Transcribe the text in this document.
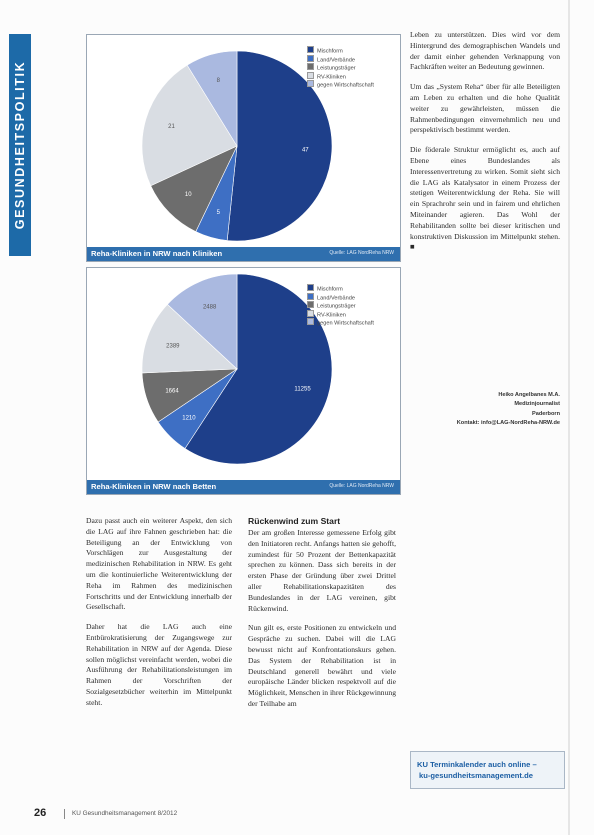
GESUNDHEITSPOLITIK	47
5
10
21
8
Mischform
Land/Verbände
Leistungsträger
RV-Kliniken
gegen Wirtschaftschaft
Reha-Kliniken in NRW nach Kliniken	Quelle: LAG NordReha NRW
11255
1210
1664
2389
2488
Mischform
Land/Verbände
Leistungsträger
RV-Kliniken
gegen Wirtschaftschaft
Reha-Kliniken in NRW nach Betten	Quelle: LAG NordReha NRW

Leben zu unterstützen. Dies wird vor dem Hintergrund des demographischen Wandels und der damit einher gehenden Verknappung von Fachkräften weiter an Bedeutung gewinnen.

Um das „System Reha“ über für alle Beteiligten am Leben zu erhalten und die hohe Qualität weiter zu gewährleisten, müssen die Rahmenbedingungen einvernehmlich neu und perspektivisch bestimmt werden.

Die föderale Struktur ermöglicht es, auch auf Ebene eines Bundeslandes als Interessenvertretung zu wirken. Somit sieht sich die LAG als Katalysator in einem Prozess der stetigen Weiterentwicklung der Reha. Sie will ein Sprachrohr sein und in fairem und ehrlichen Miteinander agieren. Das Wohl der Rehabilitanden sollte bei dieser kritischen und konstruktiven Diskussion im Mittelpunkt stehen. ■

Heiko Angelbanes M.A.
Medizinjournalist
Paderborn
Kontakt: info@LAG-NordReha-NRW.de

Dazu passt auch ein weiterer Aspekt, den sich die LAG auf ihre Fahnen geschrieben hat: die Beteiligung an der Entwicklung von Vorschlägen zur Ausgestaltung der medizinischen Rehabilitation in NRW. Es geht um die kontinuierliche Weiterentwicklung der Reha im Rahmen des medizinischen Fortschritts und der Entwicklung innerhalb der Gesellschaft.

Daher hat die LAG auch eine Entbürokratisierung der Zugangswege zur Rehabilitation in NRW auf der Agenda. Diese sollen möglichst vereinfacht werden, wobei die Ausführung der Rehabilitationsleistungen im Rahmen der Vorschriften der Sozialgesetzbücher weiterhin im Mittelpunkt steht.

Rückenwind zum Start

Der am großen Interesse gemessene Erfolg gibt den Initiatoren recht. Anfangs hatten sie gehofft, zumindest für 50 Prozent der Bettenkapazität sprechen zu können. Dass sich bereits in der ersten Phase der Gründung über zwei Drittel aller Rehabilitationskapazitäten des Bundeslandes in der LAG vereinen, gibt Rückenwind.

Nun gilt es, erste Positionen zu entwickeln und Gespräche zu suchen. Dabei will die LAG bewusst nicht auf Konfrontationskurs gehen. Das System der Rehabilitation ist in Deutschland generell bewährt und viele europäische Länder blicken respektvoll auf die Möglichkeit, Menschen in ihrer Rückgewinnung der Teilhabe am

KU Terminkalender auch online –
ku-gesundheitsmanagement.de
26	KU Gesundheitsmanagement 8/2012
